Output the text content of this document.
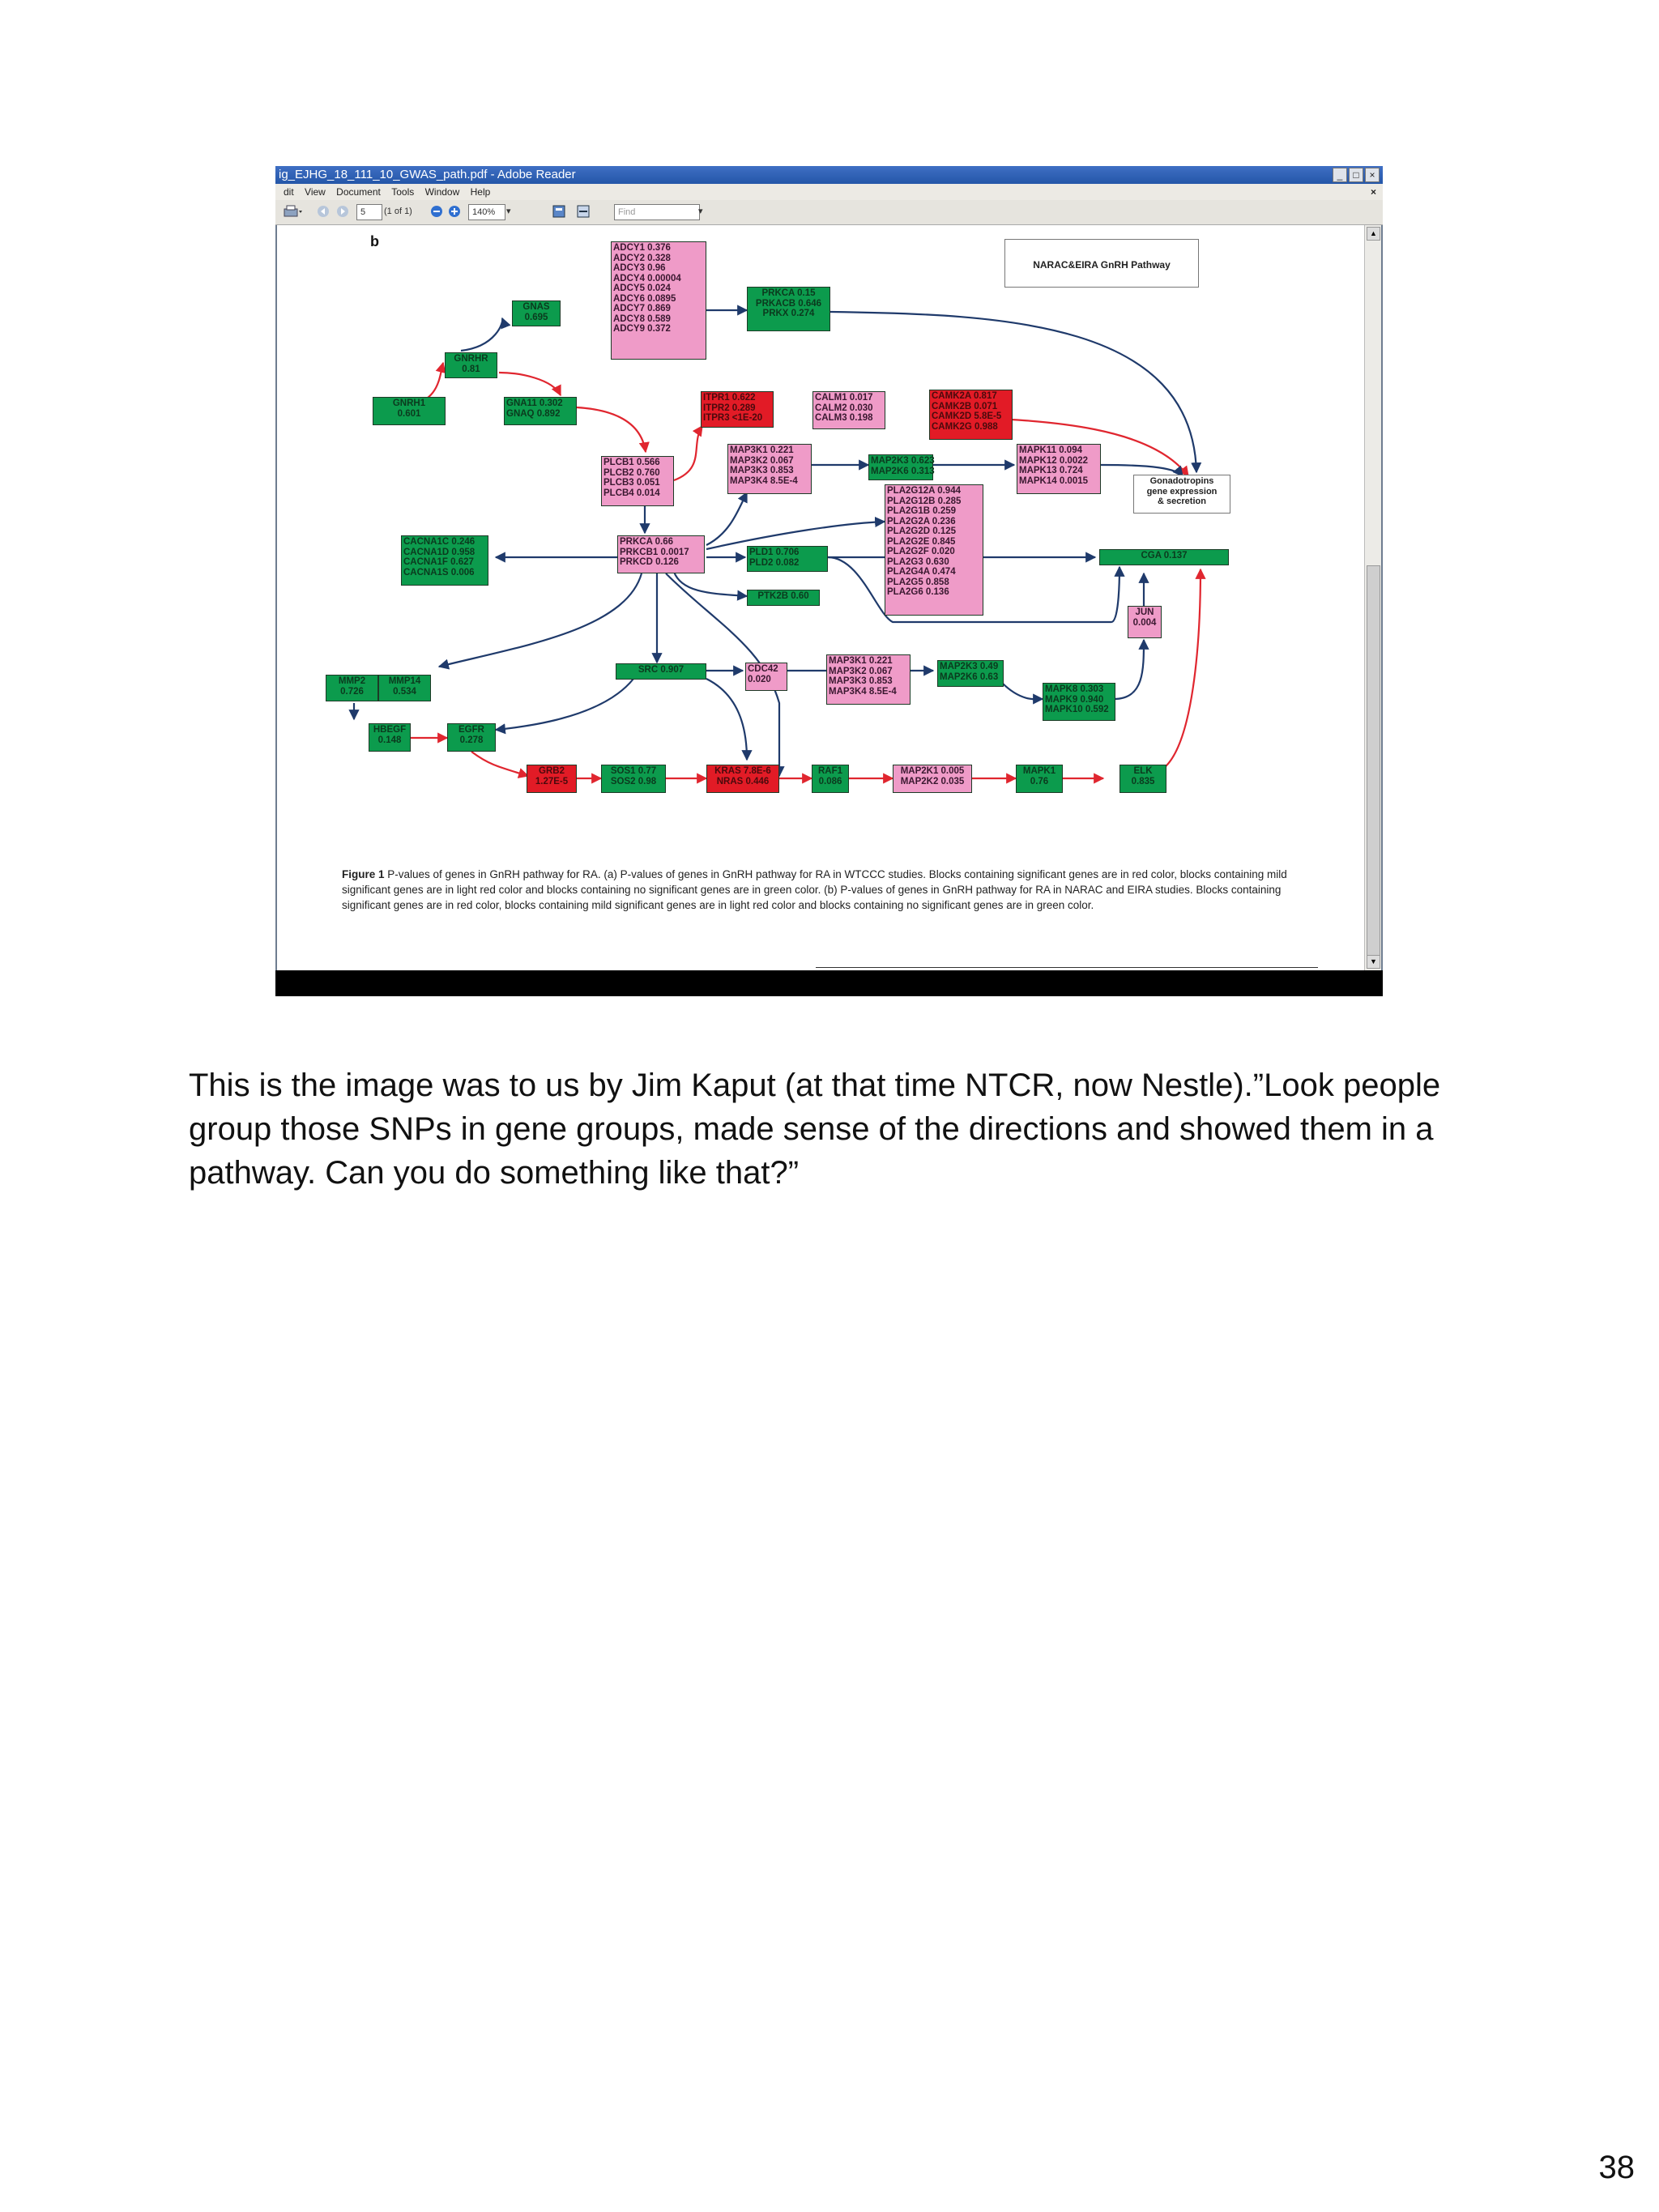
ig_EJHG_18_111_10_GWAS_path.pdf - Adobe Reader	_	□	×
dit View Document Tools Window Help	×
5	(1 of 1)	140%	▾	Find	▾
b
NARAC&EIRA GnRH Pathway
Gonadotropins
gene expression
& secretion
ADCY1 0.376
ADCY2 0.328
ADCY3 0.96
ADCY4 0.00004
ADCY5 0.024
ADCY6 0.0895
ADCY7 0.869
ADCY8 0.589
ADCY9 0.372
PRKCA 0.15
PRKACB 0.646
PRKX 0.274
GNAS
0.695
GNRHR
0.81
GNRH1
0.601
GNA11 0.302
GNAQ 0.892
ITPR1 0.622
ITPR2 0.289
ITPR3 <1E-20
CALM1 0.017
CALM2 0.030
CALM3 0.198
CAMK2A 0.817
CAMK2B 0.071
CAMK2D 5.8E-5
CAMK2G 0.988
PLCB1 0.566
PLCB2 0.760
PLCB3 0.051
PLCB4 0.014
MAP3K1 0.221
MAP3K2 0.067
MAP3K3 0.853
MAP3K4 8.5E-4
MAP2K3 0.623
MAP2K6 0.313
MAPK11 0.094
MAPK12 0.0022
MAPK13 0.724
MAPK14 0.0015
PLA2G12A 0.944
PLA2G12B 0.285
PLA2G1B 0.259
PLA2G2A 0.236
PLA2G2D 0.125
PLA2G2E 0.845
PLA2G2F 0.020
PLA2G3 0.630
PLA2G4A 0.474
PLA2G5 0.858
PLA2G6 0.136
CACNA1C 0.246
CACNA1D 0.958
CACNA1F 0.627
CACNA1S 0.006
PRKCA 0.66
PRKCB1 0.0017
PRKCD 0.126
PLD1 0.706
PLD2 0.082
CGA 0.137
PTK2B 0.60
JUN
0.004
SRC 0.907	CDC42
0.020
MAP3K1 0.221
MAP3K2 0.067
MAP3K3 0.853
MAP3K4 8.5E-4
MAP2K3 0.49
MAP2K6 0.63
MAPK8 0.303
MAPK9 0.940
MAPK10 0.592
MMP2
0.726
MMP14
0.534
HBEGF
0.148
EGFR
0.278
GRB2
1.27E-5
SOS1 0.77
SOS2 0.98
KRAS 7.8E-6
NRAS 0.446
RAF1
0.086
MAP2K1 0.005
MAP2K2 0.035
MAPK1
0.76
ELK
0.835
Figure 1 P-values of genes in GnRH pathway for RA. (a) P-values of genes in GnRH pathway for RA in WTCCC studies. Blocks containing significant genes are in red color, blocks containing mild significant genes are in light red color and blocks containing no significant genes are in green color. (b) P-values of genes in GnRH pathway for RA in NARAC and EIRA studies. Blocks containing significant genes are in red color, blocks containing mild significant genes are in light red color and blocks containing no significant genes are in green color.
▲
▼
This is the image was to us by Jim Kaput (at that time NTCR, now Nestle).”Look people group those SNPs in gene groups, made sense of the directions and showed them in a pathway. Can you do something like that?”
38
